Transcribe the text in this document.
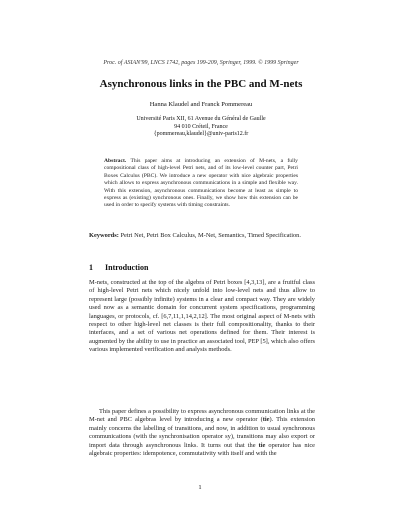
Proc. of ASIAN'99, LNCS 1742, pages 199-209, Springer, 1999. © 1999 Springer
Asynchronous links in the PBC and M-nets
Hanna Klaudel and Franck Pommereau
Université Paris XII, 61 Avenue du Général de Gaulle
94 010 Créteil, France
{pommereau,klaudel}@univ-paris12.fr
Abstract. This paper aims at introducing an extension of M-nets, a fully compositional class of high-level Petri nets, and of its low-level counter part, Petri Boxes Calculus (PBC). We introduce a new operator with nice algebraic properties which allows to express asynchronous communications in a simple and flexible way. With this extension, asynchronous communications become at least as simple to express as (existing) synchronous ones. Finally, we show how this extension can be used in order to specify systems with timing constraints.
Keywords: Petri Net, Petri Box Calculus, M-Net, Semantics, Timed Specification.
1 Introduction
M-nets, constructed at the top of the algebra of Petri boxes [4,3,13], are a fruitful class of high-level Petri nets which nicely unfold into low-level nets and thus allow to represent large (possibly infinite) systems in a clear and compact way. They are widely used now as a semantic domain for concurrent system specifications, programming languages, or protocols, cf. [6,7,11,1,14,2,12]. The most original aspect of M-nets with respect to other high-level net classes is their full compositionality, thanks to their interfaces, and a set of various net operations defined for them. Their interest is augmented by the ability to use in practice an associated tool, PEP [5], which also offers various implemented verification and analysis methods.
This paper defines a possibility to express asynchronous communication links at the M-net and PBC algebras level by introducing a new operator (tie). This extension mainly concerns the labelling of transitions, and now, in addition to usual synchronous communications (with the synchronisation operator sy), transitions may also export or import data through asynchronous links. It turns out that the tie operator has nice algebraic properties: idempotence, commutativity with itself and with the
1
